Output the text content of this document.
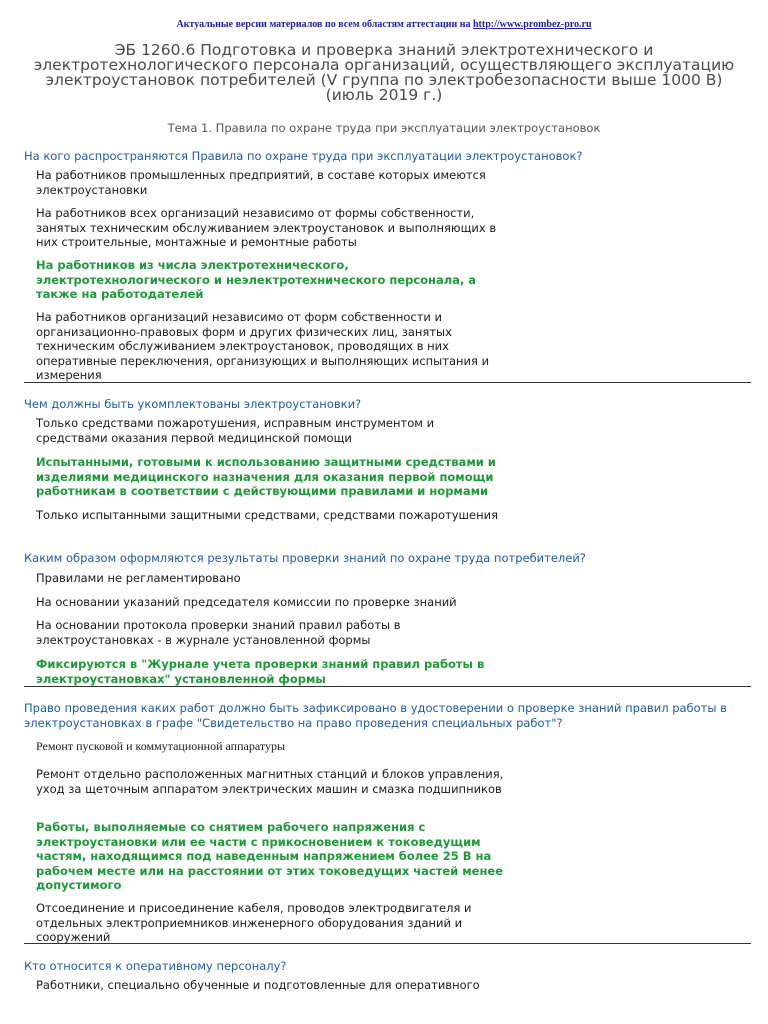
Актуальные версии материалов по всем областям аттестации на http://www.prombez-pro.ru
ЭБ 1260.6 Подготовка и проверка знаний электротехнического и
электротехнологического персонала организаций, осуществляющего эксплуатацию
электроустановок потребителей (V группа по электробезопасности выше 1000 В)
(июль 2019 г.)
Тема 1. Правила по охране труда при эксплуатации электроустановок
На кого распространяются Правила по охране труда при эксплуатации электроустановок?
На работников промышленных предприятий, в составе которых имеются электроустановки
На работников всех организаций независимо от формы собственности, занятых техническим обслуживанием электроустановок и выполняющих в них строительные, монтажные и ремонтные работы
На работников из числа электротехнического, электротехнологического и неэлектротехнического персонала, а также на работодателей
На работников организаций независимо от форм собственности и организационно-правовых форм и других физических лиц, занятых техническим обслуживанием электроустановок, проводящих в них оперативные переключения, организующих и выполняющих испытания и измерения
Чем должны быть укомплектованы электроустановки?
Только средствами пожаротушения, исправным инструментом и средствами оказания первой медицинской помощи
Испытанными, готовыми к использованию защитными средствами и изделиями медицинского назначения для оказания первой помощи работникам в соответствии с действующими правилами и нормами
Только испытанными защитными средствами, средствами пожаротушения
Каким образом оформляются результаты проверки знаний по охране труда потребителей?
Правилами не регламентировано
На основании указаний председателя комиссии по проверке знаний
На основании протокола проверки знаний правил работы в электроустановках - в журнале установленной формы
Фиксируются в "Журнале учета проверки знаний правил работы в электроустановках" установленной формы
Право проведения каких работ должно быть зафиксировано в удостоверении о проверке знаний правил работы в электроустановках в графе "Свидетельство на право проведения специальных работ"?
Ремонт пусковой и коммутационной аппаратуры
Ремонт отдельно расположенных магнитных станций и блоков управления, уход за щеточным аппаратом электрических машин и смазка подшипников
Работы, выполняемые со снятием рабочего напряжения с электроустановки или ее части с прикосновением к токоведущим частям, находящимся под наведенным напряжением более 25 В на рабочем месте или на расстоянии от этих токоведущих частей менее допустимого
Отсоединение и присоединение кабеля, проводов электродвигателя и отдельных электроприемников инженерного оборудования зданий и сооружений
Кто относится к оперативному персоналу?
Работники, специально обученные и подготовленные для оперативного
